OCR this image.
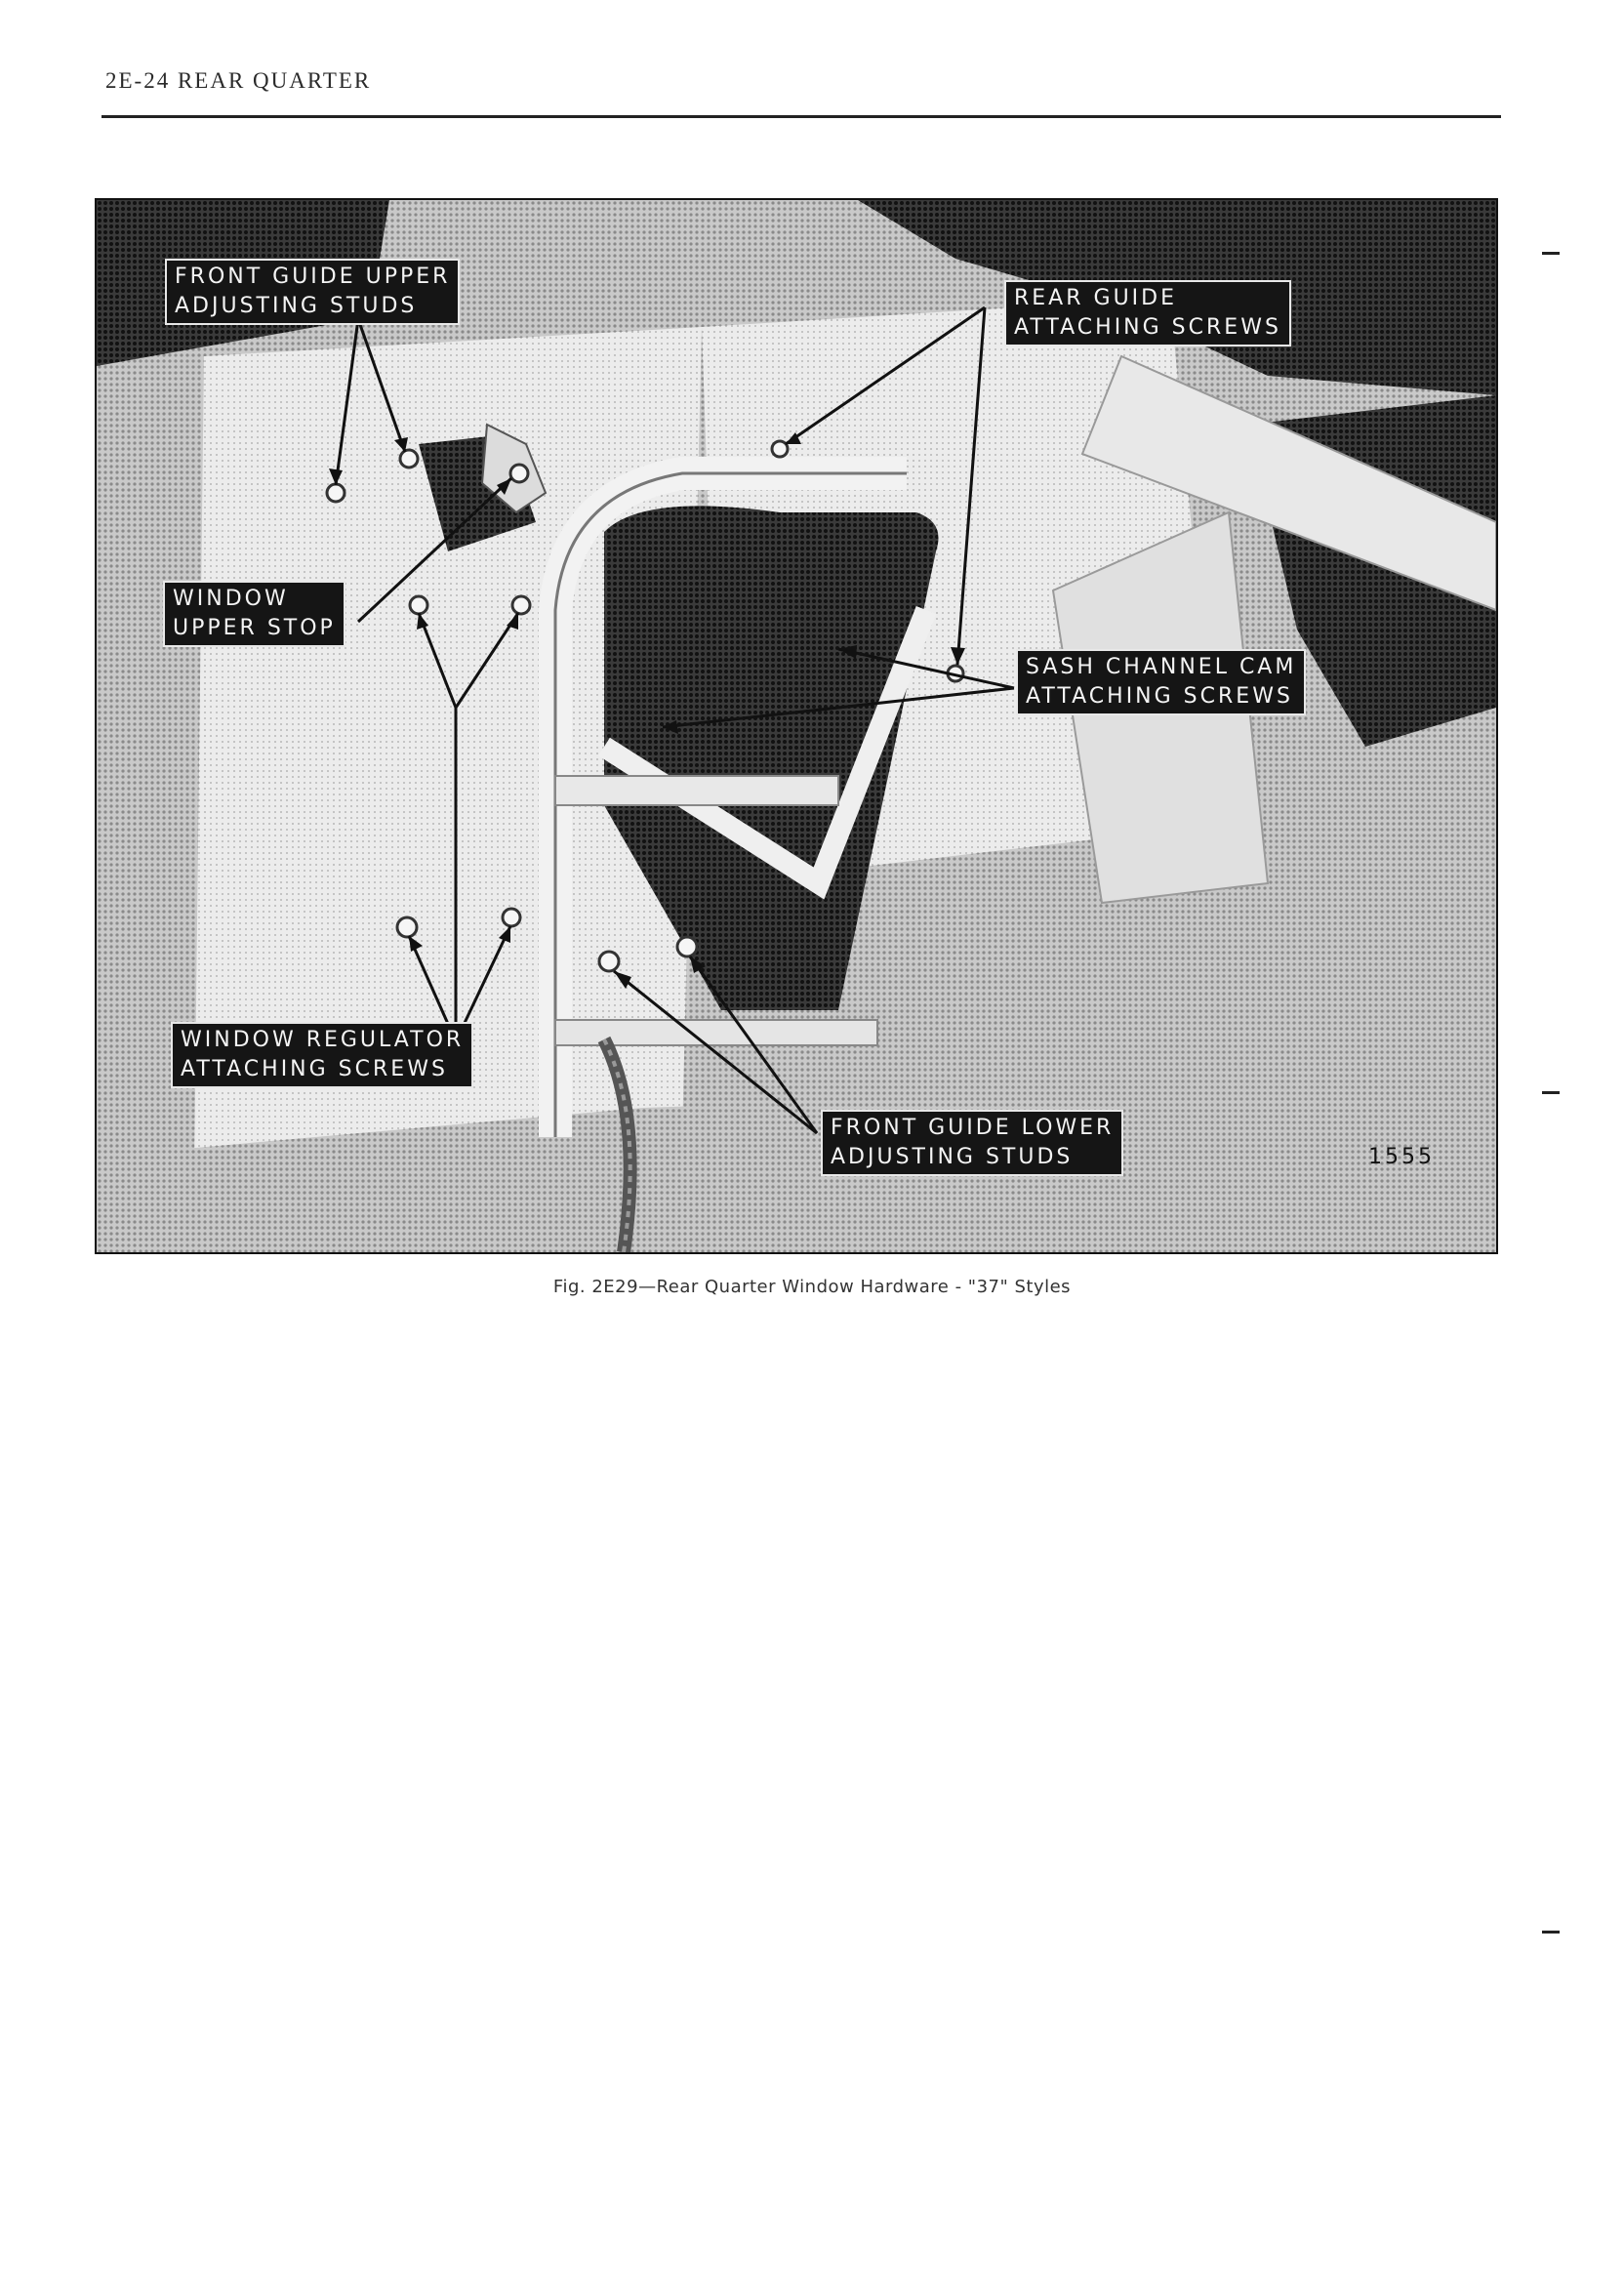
2E-24 REAR QUARTER
FRONT GUIDE UPPER
ADJUSTING STUDS	REAR GUIDE
ATTACHING SCREWS
WINDOW
UPPER STOP
SASH CHANNEL CAM
ATTACHING SCREWS
WINDOW REGULATOR
ATTACHING SCREWS
FRONT GUIDE LOWER
ADJUSTING STUDS	1555
Fig. 2E29—Rear Quarter Window Hardware - "37" Styles
